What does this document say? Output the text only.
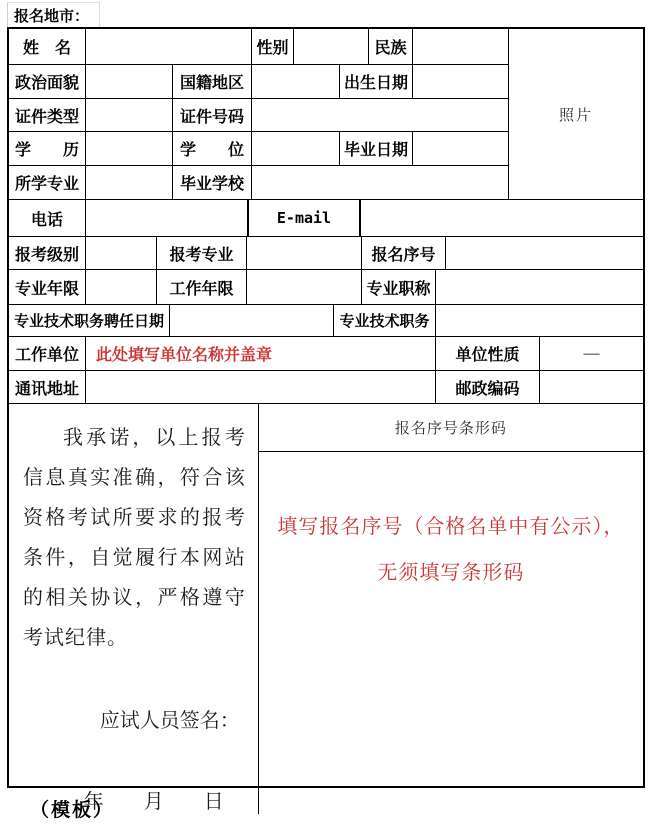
报名地市：
姓　名	性别	民族
政治面貌	国籍地区	出生日期
证件类型	证件号码
学　　历	学　　位	毕业日期
所学专业	毕业学校
照片
电话	E-mail
报考级别	报考专业	报名序号
专业年限	工作年限	专业职称
专业技术职务聘任日期	专业技术职务
工作单位	此处填写单位名称并盖章	单位性质	—
通讯地址	邮政编码
我承诺，以上报考信息真实准确，符合该资格考试所要求的报考条件，自觉履行本网站的相关协议，严格遵守考试纪律。
应试人员签名：
年　　月　　日
报名序号条形码
填写报名序号（合格名单中有公示），无须填写条形码
（模板）
